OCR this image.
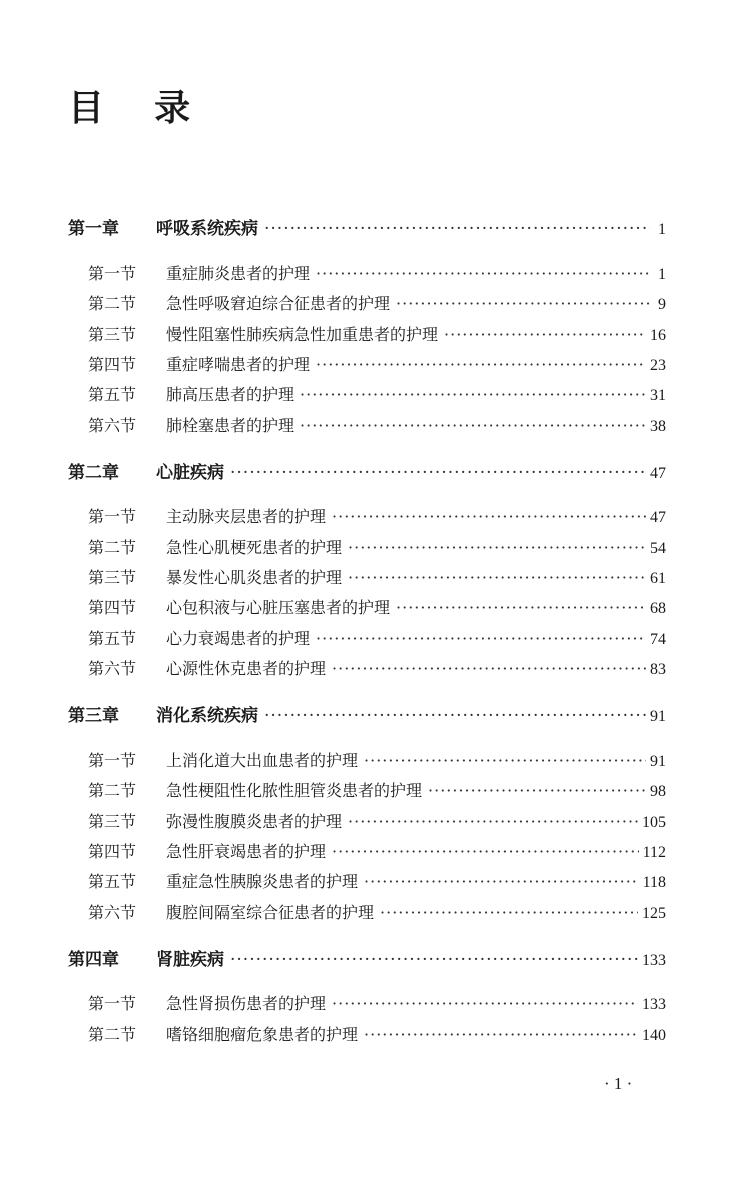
目    录
第一章	呼吸系统疾病 ·····	1
第一节	重症肺炎患者的护理 ·····	1
第二节	急性呼吸窘迫综合征患者的护理 ·····	9
第三节	慢性阻塞性肺疾病急性加重患者的护理 ·····	16
第四节	重症哮喘患者的护理 ·····	23
第五节	肺高压患者的护理 ·····	31
第六节	肺栓塞患者的护理 ·····	38
第二章	心脏疾病 ·····	47
第一节	主动脉夹层患者的护理 ·····	47
第二节	急性心肌梗死患者的护理 ·····	54
第三节	暴发性心肌炎患者的护理 ·····	61
第四节	心包积液与心脏压塞患者的护理 ·····	68
第五节	心力衰竭患者的护理 ·····	74
第六节	心源性休克患者的护理 ·····	83
第三章	消化系统疾病 ·····	91
第一节	上消化道大出血患者的护理 ·····	91
第二节	急性梗阻性化脓性胆管炎患者的护理 ·····	98
第三节	弥漫性腹膜炎患者的护理 ·····	105
第四节	急性肝衰竭患者的护理 ·····	112
第五节	重症急性胰腺炎患者的护理 ·····	118
第六节	腹腔间隔室综合征患者的护理 ·····	125
第四章	肾脏疾病 ·····	133
第一节	急性肾损伤患者的护理 ·····	133
第二节	嗜铬细胞瘤危象患者的护理 ·····	140
· 1 ·
